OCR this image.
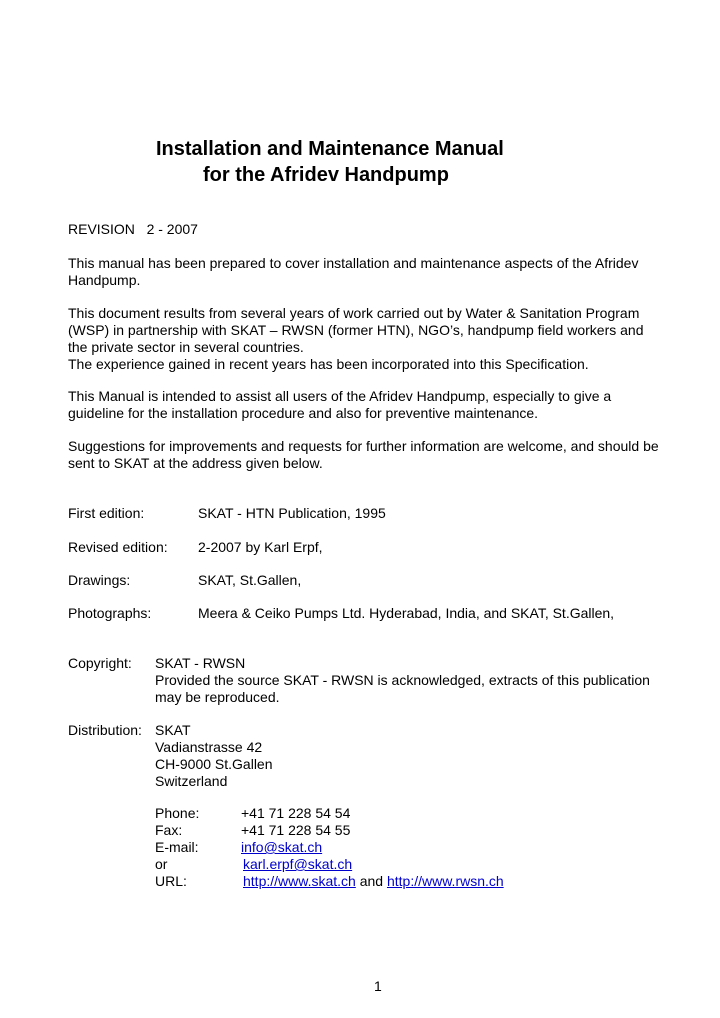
Installation and Maintenance Manual
for the Afridev Handpump
REVISION   2 - 2007
This manual has been prepared to cover installation and maintenance aspects of the Afridev
Handpump.
This document results from several years of work carried out by Water & Sanitation Program
(WSP) in partnership with SKAT – RWSN (former HTN), NGO’s, handpump field workers and
the private sector in several countries.
The experience gained in recent years has been incorporated into this Specification.
This Manual is intended to assist all users of the Afridev Handpump, especially to give a
guideline for the installation procedure and also for preventive maintenance.
Suggestions for improvements and requests for further information are welcome, and should be
sent to SKAT at the address given below.
First edition:	SKAT - HTN Publication, 1995
Revised edition: 2-2007 by Karl Erpf,
Drawings:	SKAT, St.Gallen,
Photographs:	Meera & Ceiko Pumps Ltd. Hyderabad, India, and SKAT, St.Gallen,
Copyright: SKAT - RWSN
Provided the source SKAT - RWSN is acknowledged, extracts of this publication
may be reproduced.
Distribution: SKAT
Vadianstrasse 42
CH-9000 St.Gallen
Switzerland
Phone:	+41 71 228 54 54
Fax:	+41 71 228 54 55
E-mail:	info@skat.ch
or	karl.erpf@skat.ch
URL:	http://www.skat.ch and http://www.rwsn.ch
1
